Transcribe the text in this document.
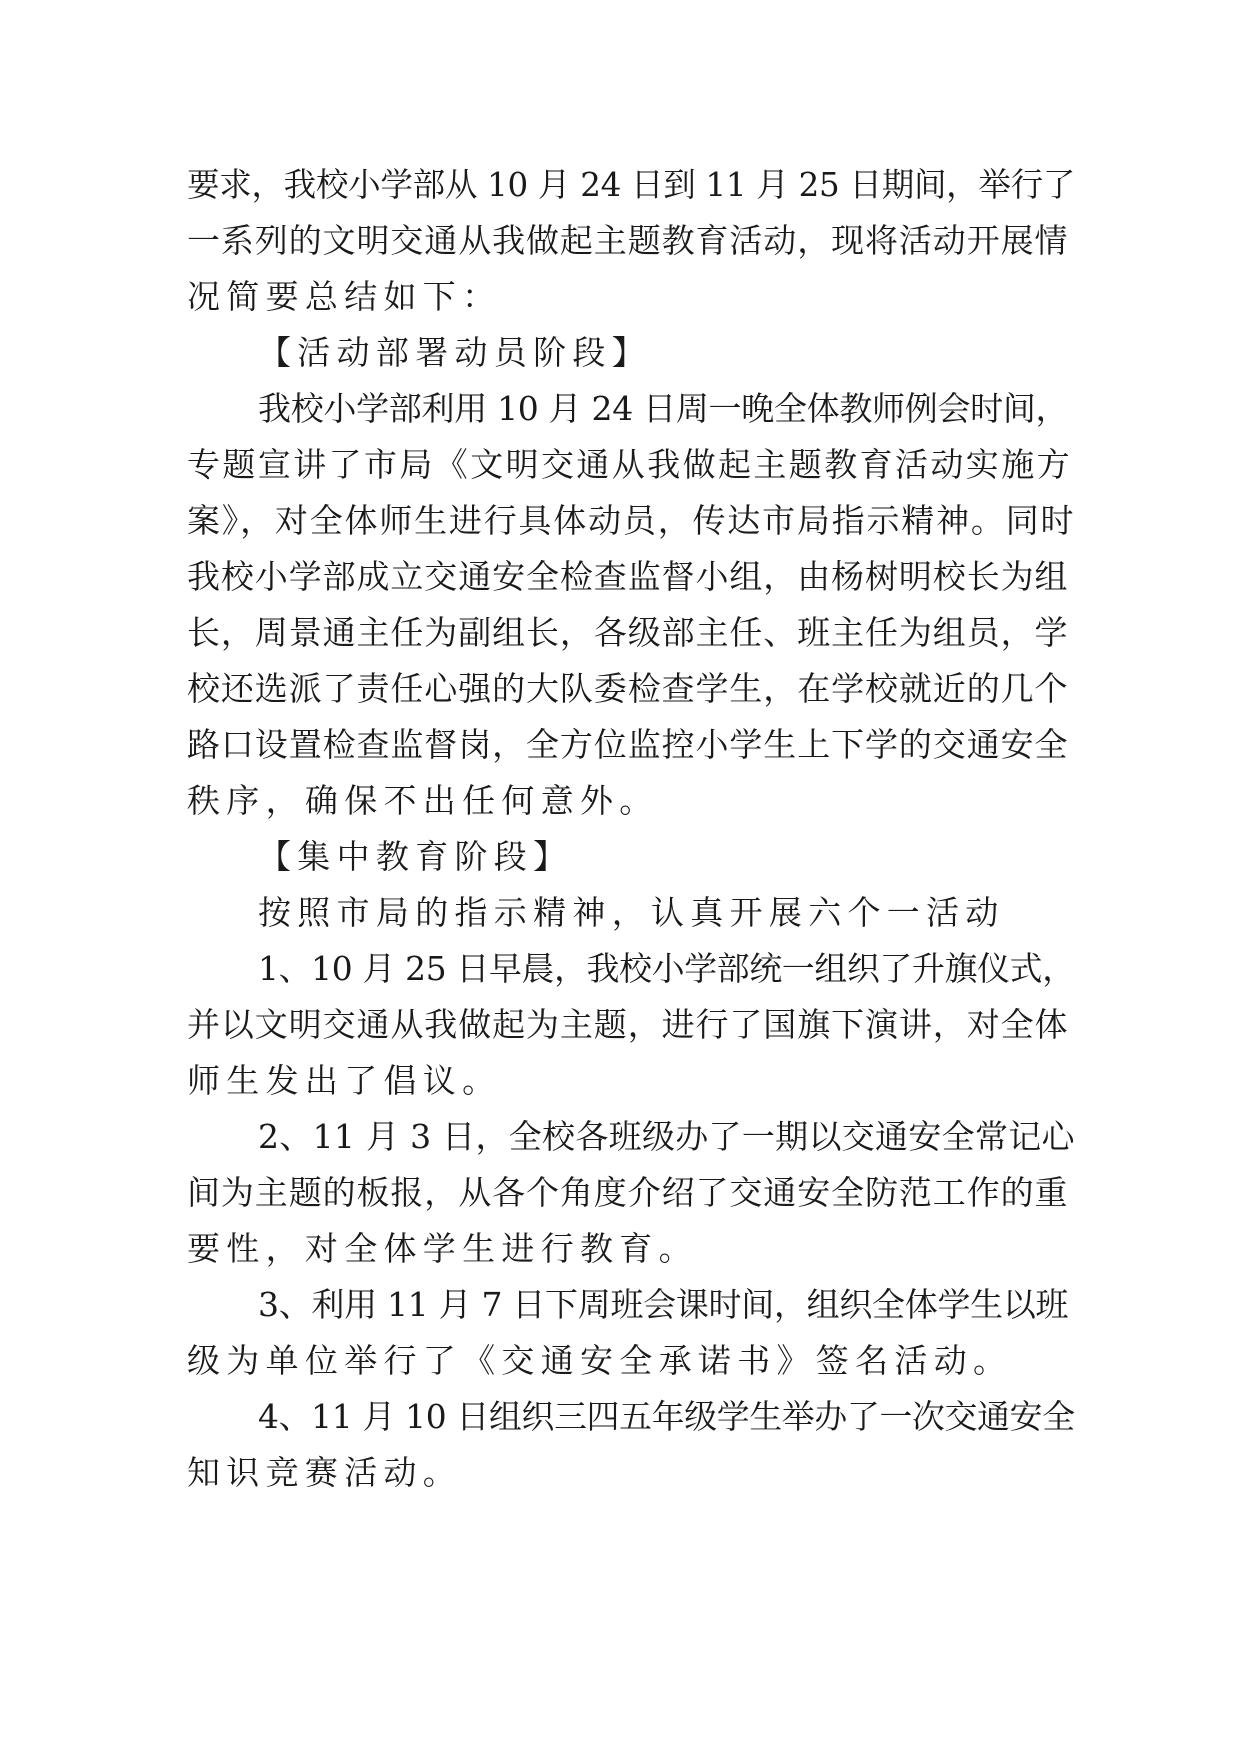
要求，我校小学部从 10 月 24 日到 11 月 25 日期间，举行了
一系列的文明交通从我做起主题教育活动，现将活动开展情
况简要总结如下：
【活动部署动员阶段】
我校小学部利用 10 月 24 日周一晚全体教师例会时间，
专题宣讲了市局《文明交通从我做起主题教育活动实施方
案》，对全体师生进行具体动员，传达市局指示精神。同时
我校小学部成立交通安全检查监督小组，由杨树明校长为组
长，周景通主任为副组长，各级部主任、班主任为组员，学
校还选派了责任心强的大队委检查学生，在学校就近的几个
路口设置检查监督岗，全方位监控小学生上下学的交通安全
秩序，确保不出任何意外。
【集中教育阶段】
按照市局的指示精神，认真开展六个一活动
1、10 月 25 日早晨，我校小学部统一组织了升旗仪式，
并以文明交通从我做起为主题，进行了国旗下演讲，对全体
师生发出了倡议。
2、11 月 3 日，全校各班级办了一期以交通安全常记心
间为主题的板报，从各个角度介绍了交通安全防范工作的重
要性，对全体学生进行教育。
3、利用 11 月 7 日下周班会课时间，组织全体学生以班
级为单位举行了《交通安全承诺书》签名活动。
4、11 月 10 日组织三四五年级学生举办了一次交通安全
知识竞赛活动。
